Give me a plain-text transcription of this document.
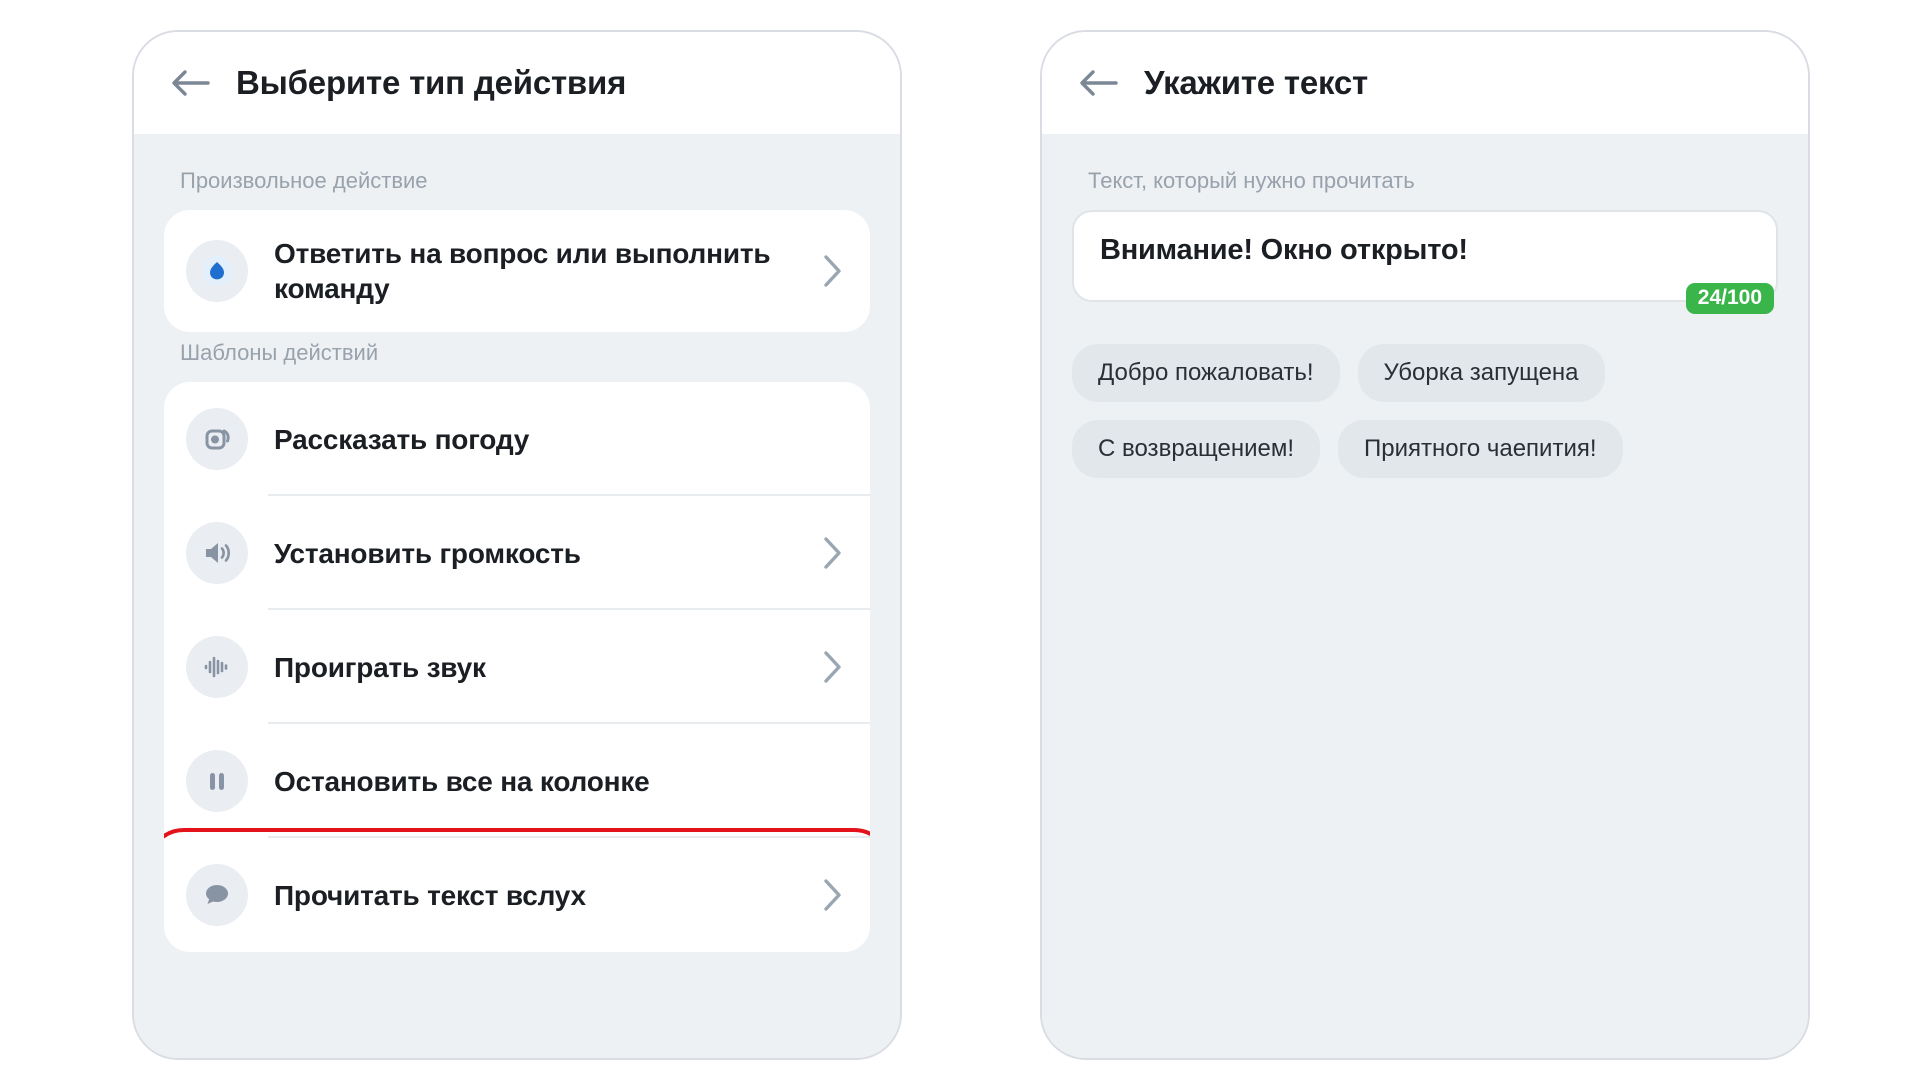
Выберите тип действия
Произвольное действие
Ответить на вопрос или выполнить команду
Шаблоны действий
Рассказать погоду
Установить громкость
Проиграть звук
Остановить все на колонке
Прочитать текст вслух
Укажите текст
Текст, который нужно прочитать
Внимание! Окно открыто!
24/100
Добро пожаловать!	Уборка запущена
С возвращением!	Приятного чаепития!
